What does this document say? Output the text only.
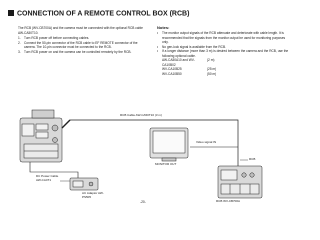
CONNECTION OF A REMOTE CONTROL BOX (RCB)
The RCB (WV-CB700A) and the camera must be connected with the optional RCB cable AW-CA50T10.
1. Turn RCB power off before connecting cables.
2. Connect the 50-pin connector of the RCB cable to EF REMOTE connector of the camera. The 10-pin connector must be connected to the RCB.
3. Turn RCB power on and the camera can be controlled remotely by the RCB.
Notes:
• The monitor output signals of the RCB attenuate and deteriorate with cable length. It is recommended that the signals from the monitor output be used for monitoring purposes only.
• No gen-lock signal is available from the RCB.
• If a longer distance (more than 3 m) is desired between the camera and the RCB, use the following optional cable.
AW-CA50A10 and WV-CA10B02
(2 m)
WV-CA10B25	(25 m)
WV-CA10B50	(50 m)
RCB Cable AW-CA50T10 (3 m)
Video signal IN
MONITOR OUT
RCB
DC Power Cable AW-CA4T1
AC Adaptor AW-PS505
RCB WV-CB700A
-20-
